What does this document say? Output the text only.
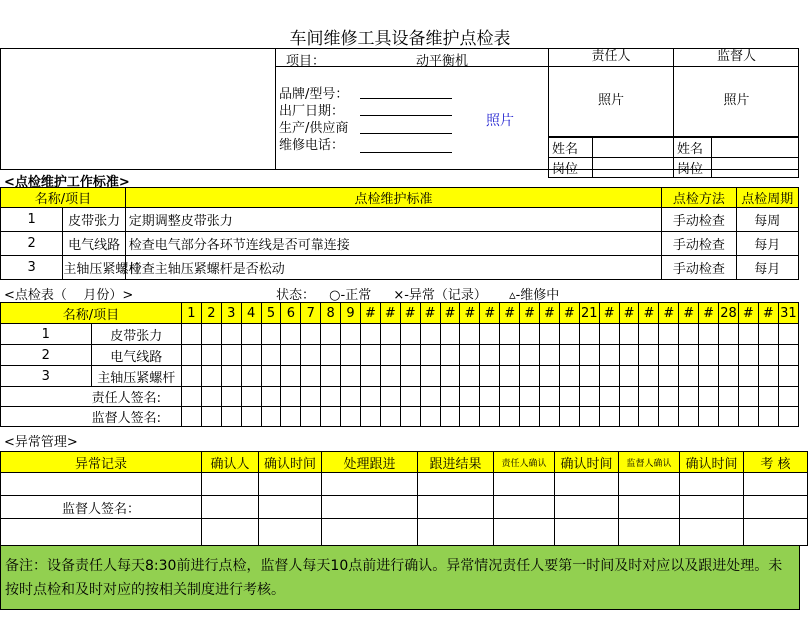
车间维修工具设备维护点检表
项目：	动平衡机	责任人	监督人
品牌/型号：
出厂日期：
生产/供应商
维修电话：
照片
照片	照片
姓名	
岗位	
姓名	
岗位	
<点检维护工作标准>
名称/项目		点检维护标准	点检方法	点检周期
1	皮带张力	定期调整皮带张力	手动检查	每周
2	电气线路	检查电气部分各环节连线是否可靠连接	手动检查	每月
3	主轴压紧螺杆	检查主轴压紧螺杆是否松动	手动检查	每月
<点检表（    月份）>	状态： ○-正常 ×-异常（记录） ▵-维修中
名称/项目		1	2	3	4	5	6	7	8	9	#	#	#	#	#	#	#	#	#	#	#	21	#	#	#	#	#	#	28	#	#	31
1	皮带张力																															
2	电气线路																															
3	主轴压紧螺杆																															
责任人签名:																																
监督人签名:																																
<异常管理>
异常记录	确认人	确认时间	处理跟进	跟进结果	责任人确认	确认时间	监督人确认	确认时间	考 核

监督人签名：									

备注：设备责任人每天8:30前进行点检，监督人每天10点前进行确认。异常情况责任人要第一时间及时对应以及跟进处理。未按时点检和及时对应的按相关制度进行考核。
